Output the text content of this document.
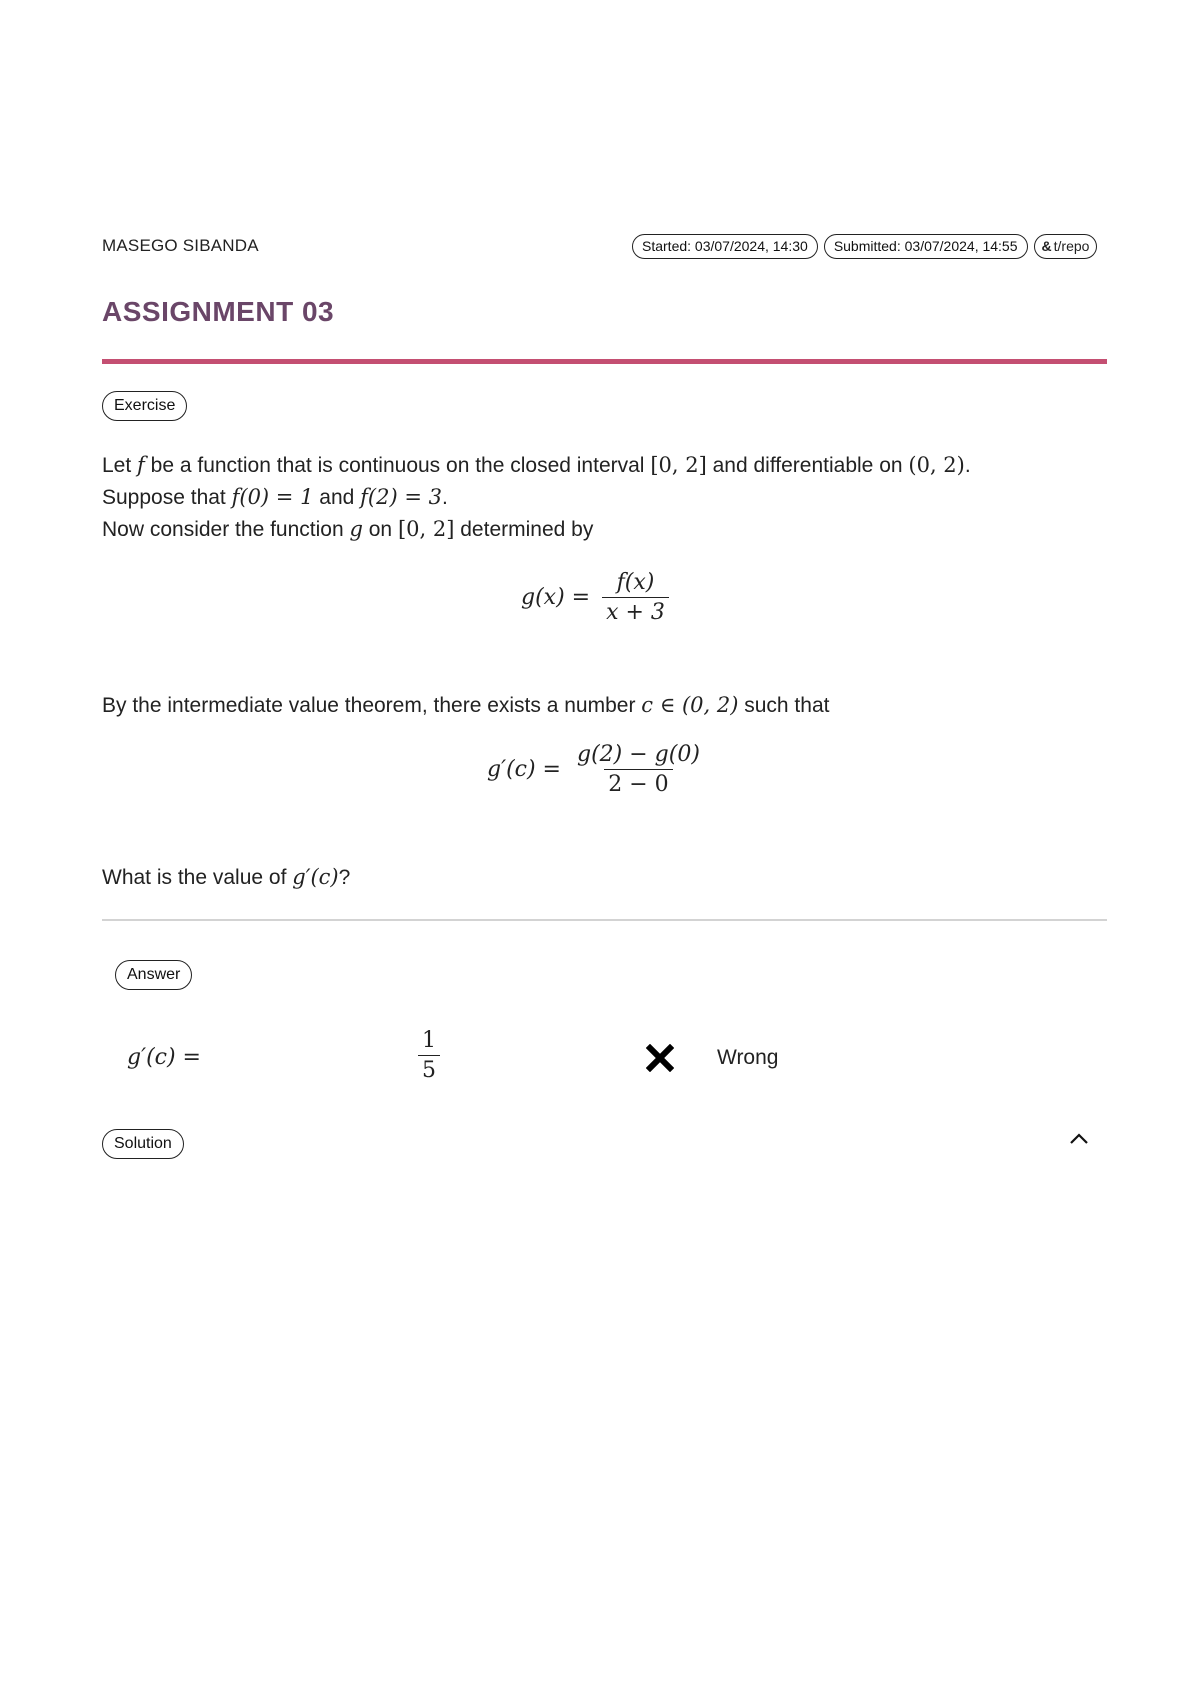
MASEGO SIBANDA	Started: 03/07/2024, 14:30	Submitted: 03/07/2024, 14:55	& t/repo
ASSIGNMENT 03
Exercise
Let f be a function that is continuous on the closed interval [0, 2] and differentiable on (0, 2).
Suppose that f(0) = 1 and f(2) = 3.
Now consider the function g on [0, 2] determined by
$g(x) = \frac{f(x)}{x + 3}$
By the intermediate value theorem, there exists a number c ∈ (0, 2) such that
$g'(c) = \frac{g(2) - g(0)}{2 - 0}$
What is the value of g′(c)?
Answer
g′(c) =	$\frac{1}{5}$	Wrong
Solution
